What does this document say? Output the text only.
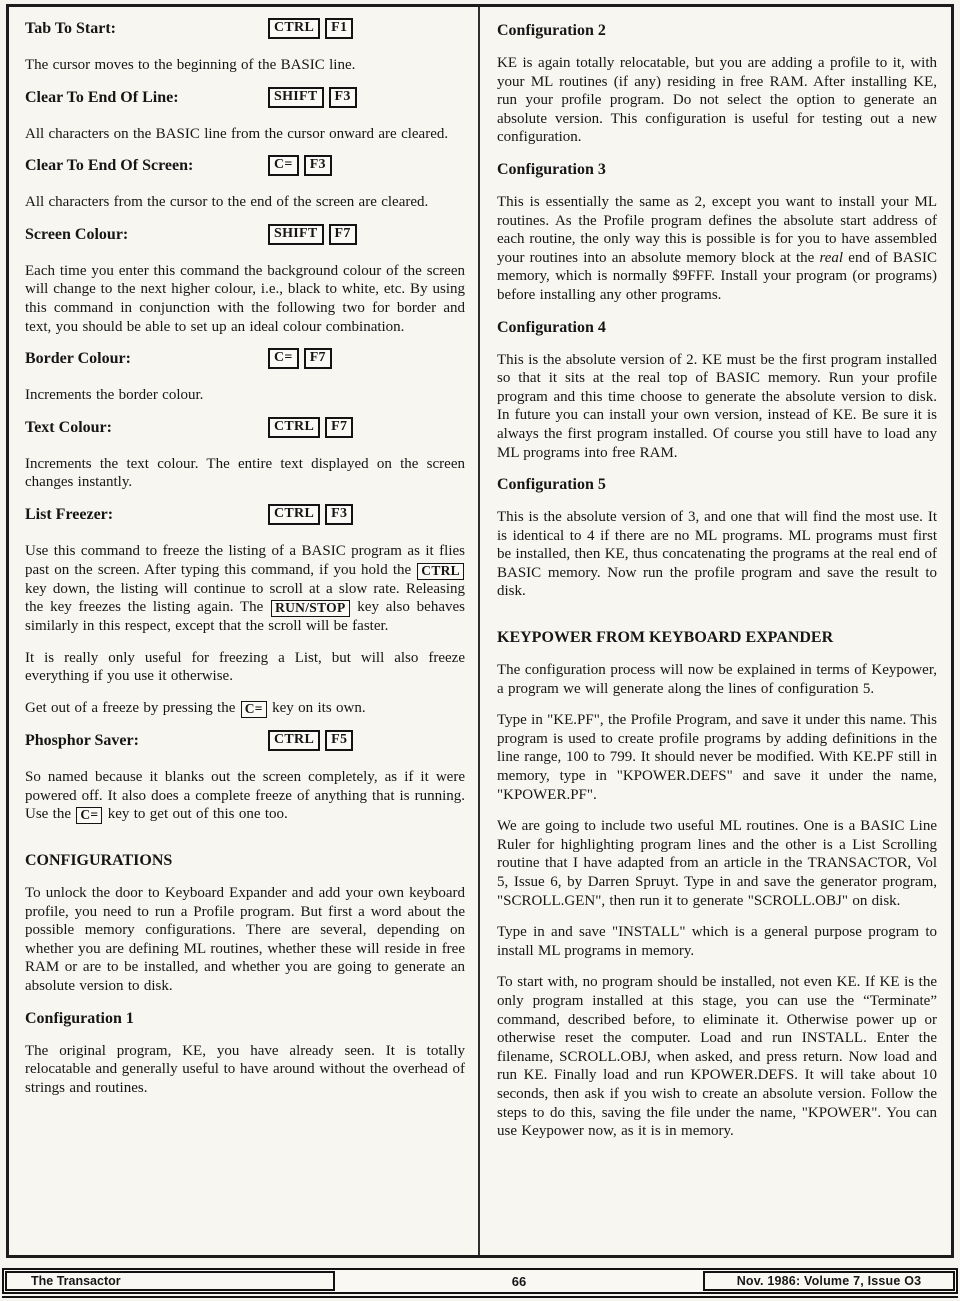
Tab To Start:	CTRL	F1

The cursor moves to the beginning of the BASIC line.

Clear To End Of Line:	SHIFT	F3

All characters on the BASIC line from the cursor onward are cleared.

Clear To End Of Screen:	C=	F3

All characters from the cursor to the end of the screen are cleared.

Screen Colour:	SHIFT	F7

Each time you enter this command the background colour of the screen will change to the next higher colour, i.e., black to white, etc. By using this command in conjunction with the following two for border and text, you should be able to set up an ideal colour combination.

Border Colour:	C=	F7

Increments the border colour.

Text Colour:	CTRL	F7

Increments the text colour. The entire text displayed on the screen changes instantly.

List Freezer:	CTRL	F3

Use this command to freeze the listing of a BASIC program as it flies past on the screen. After typing this command, if you hold the CTRL key down, the listing will continue to scroll at a slow rate. Releasing the key freezes the listing again. The RUN/STOP key also behaves similarly in this respect, except that the scroll will be faster.

It is really only useful for freezing a List, but will also freeze everything if you use it otherwise.

Get out of a freeze by pressing the C= key on its own.

Phosphor Saver:	CTRL	F5

So named because it blanks out the screen completely, as if it were powered off. It also does a complete freeze of anything that is running. Use the C= key to get out of this one too.

CONFIGURATIONS

To unlock the door to Keyboard Expander and add your own keyboard profile, you need to run a Profile program. But first a word about the possible memory configurations. There are several, depending on whether you are defining ML routines, whether these will reside in free RAM or are to be installed, and whether you are going to generate an absolute version to disk.

Configuration 1

The original program, KE, you have already seen. It is totally relocatable and generally useful to have around without the overhead of strings and routines.

Configuration 2

KE is again totally relocatable, but you are adding a profile to it, with your ML routines (if any) residing in free RAM. After installing KE, run your profile program. Do not select the option to generate an absolute version. This configuration is useful for testing out a new configuration.

Configuration 3

This is essentially the same as 2, except you want to install your ML routines. As the Profile program defines the absolute start address of each routine, the only way this is possible is for you to have assembled your routines into an absolute memory block at the real end of BASIC memory, which is normally $9FFF. Install your program (or programs) before installing any other programs.

Configuration 4

This is the absolute version of 2. KE must be the first program installed so that it sits at the real top of BASIC memory. Run your profile program and this time choose to generate the absolute version to disk. In future you can install your own version, instead of KE. Be sure it is always the first program installed. Of course you still have to load any ML programs into free RAM.

Configuration 5

This is the absolute version of 3, and one that will find the most use. It is identical to 4 if there are no ML programs. ML programs must first be installed, then KE, thus concatenating the programs at the real end of BASIC memory. Now run the profile program and save the result to disk.

KEYPOWER FROM KEYBOARD EXPANDER

The configuration process will now be explained in terms of Keypower, a program we will generate along the lines of configuration 5.

Type in "KE.PF", the Profile Program, and save it under this name. This program is used to create profile programs by adding definitions in the line range, 100 to 799. It should never be modified. With KE.PF still in memory, type in "KPOWER.DEFS" and save it under the name, "KPOWER.PF".

We are going to include two useful ML routines. One is a BASIC Line Ruler for highlighting program lines and the other is a List Scrolling routine that I have adapted from an article in the TRANSACTOR, Vol 5, Issue 6, by Darren Spruyt. Type in and save the generator program, "SCROLL.GEN", then run it to generate "SCROLL.OBJ" on disk.

Type in and save "INSTALL" which is a general purpose program to install ML programs in memory.

To start with, no program should be installed, not even KE. If KE is the only program installed at this stage, you can use the “Terminate” command, described before, to eliminate it. Otherwise power up or otherwise reset the computer. Load and run INSTALL. Enter the filename, SCROLL.OBJ, when asked, and press return. Now load and run KE. Finally load and run KPOWER.DEFS. It will take about 10 seconds, then ask if you wish to create an absolute version. Follow the steps to do this, saving the file under the name, "KPOWER". You can use Keypower now, as it is in memory.

The Transactor	66	Nov. 1986: Volume 7, Issue O3
